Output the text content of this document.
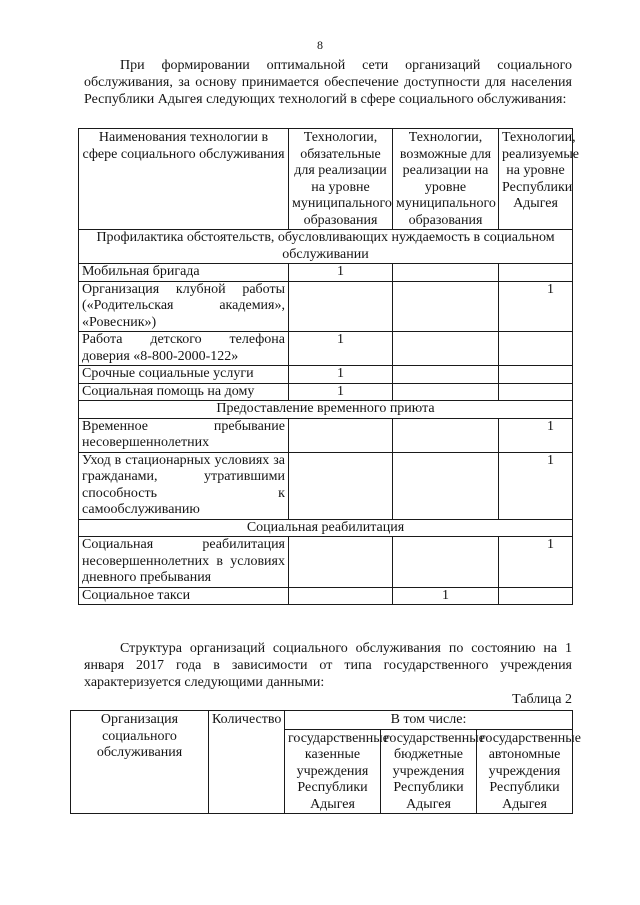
8

При формировании оптимальной сети организаций социального обслуживания, за основу принимается обеспечение доступности для населения Республики Адыгея следующих технологий в сфере социального обслуживания:

Наименования технологии в сфере социального обслуживания	Технологии, обязательные для реализации на уровне муниципального образования	Технологии, возможные для реализации на уровне муниципального образования	Технологии, реализуемые на уровне Республики Адыгея
Профилактика обстоятельств, обусловливающих нуждаемость в социальном обслуживании			
Мобильная бригада	1		
Организация клубной работы («Родительская академия», «Ровесник»)			1
Работа детского телефона доверия «8-800-2000-122»	1		
Срочные социальные услуги	1		
Социальная помощь на дому	1		
Предоставление временного приюта			
Временное пребывание несовершеннолетних			1
Уход в стационарных условиях за гражданами, утратившими способность к самообслуживанию			1
Социальная реабилитация			
Социальная реабилитация несовершеннолетних в условиях дневного пребывания			1
Социальное такси		1	

Структура организаций социального обслуживания по состоянию на 1 января 2017 года в зависимости от типа государственного учреждения характеризуется следующими данными:

Таблица 2
Организация социального обслуживания	Количество	В том числе:		
		государственные казенные учреждения Республики Адыгея	государственные бюджетные учреждения Республики Адыгея	государственные автономные учреждения Республики Адыгея
